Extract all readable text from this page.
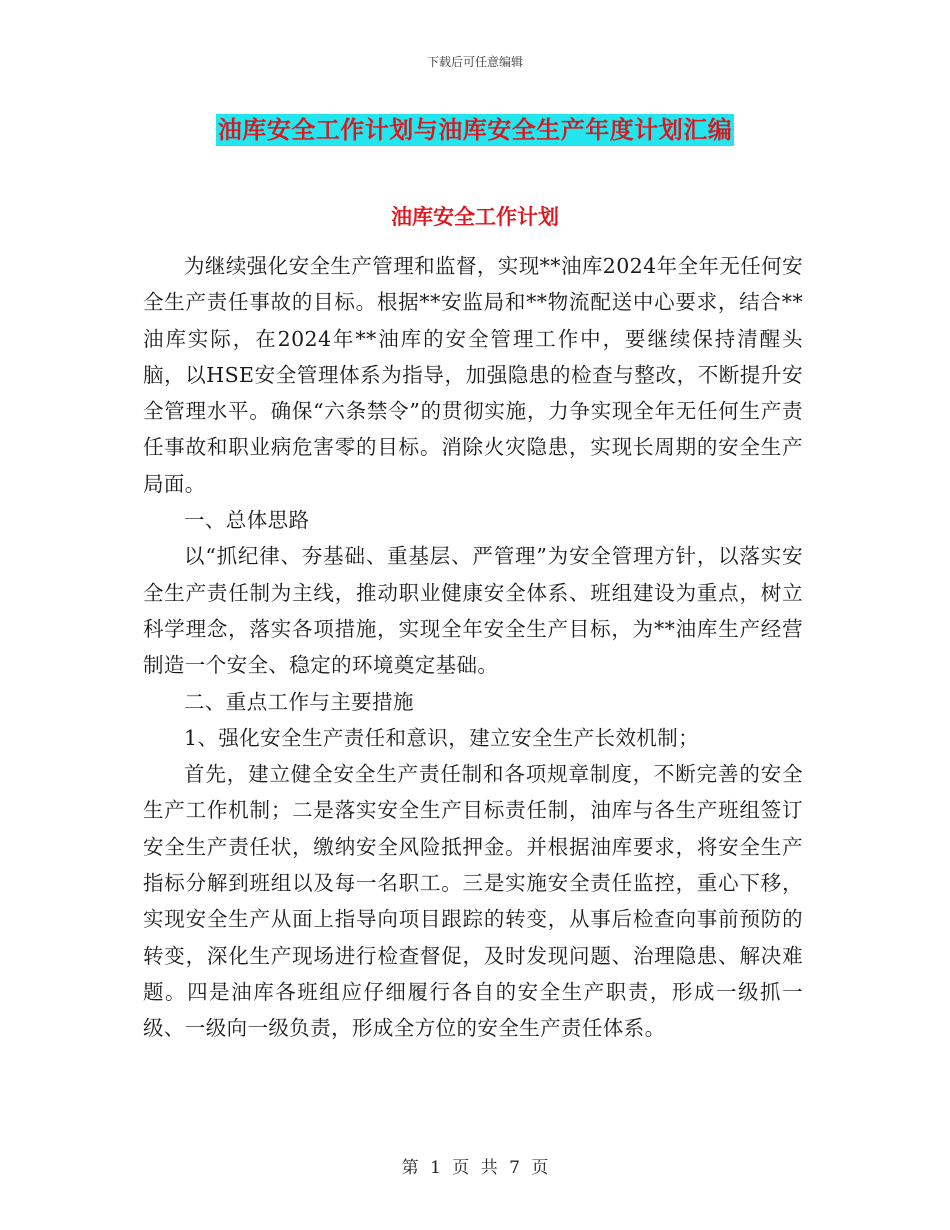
下载后可任意编辑
油库安全工作计划与油库安全生产年度计划汇编
油库安全工作计划

为继续强化安全生产管理和监督，实现**油库2024年全年无任何安全生产责任事故的目标。根据**安监局和**物流配送中心要求，结合**油库实际，在2024年**油库的安全管理工作中，要继续保持清醒头脑，以HSE安全管理体系为指导，加强隐患的检查与整改，不断提升安全管理水平。确保“六条禁令”的贯彻实施，力争实现全年无任何生产责任事故和职业病危害零的目标。消除火灾隐患，实现长周期的安全生产局面。

一、总体思路

以“抓纪律、夯基础、重基层、严管理”为安全管理方针，以落实安全生产责任制为主线，推动职业健康安全体系、班组建设为重点，树立科学理念，落实各项措施，实现全年安全生产目标，为**油库生产经营制造一个安全、稳定的环境奠定基础。

二、重点工作与主要措施

1、强化安全生产责任和意识，建立安全生产长效机制；

首先，建立健全安全生产责任制和各项规章制度，不断完善的安全生产工作机制；二是落实安全生产目标责任制，油库与各生产班组签订安全生产责任状，缴纳安全风险抵押金。并根据油库要求，将安全生产指标分解到班组以及每一名职工。三是实施安全责任监控，重心下移，实现安全生产从面上指导向项目跟踪的转变，从事后检查向事前预防的转变，深化生产现场进行检查督促，及时发现问题、治理隐患、解决难题。四是油库各班组应仔细履行各自的安全生产职责，形成一级抓一级、一级向一级负责，形成全方位的安全生产责任体系。

第 1 页 共 7 页
